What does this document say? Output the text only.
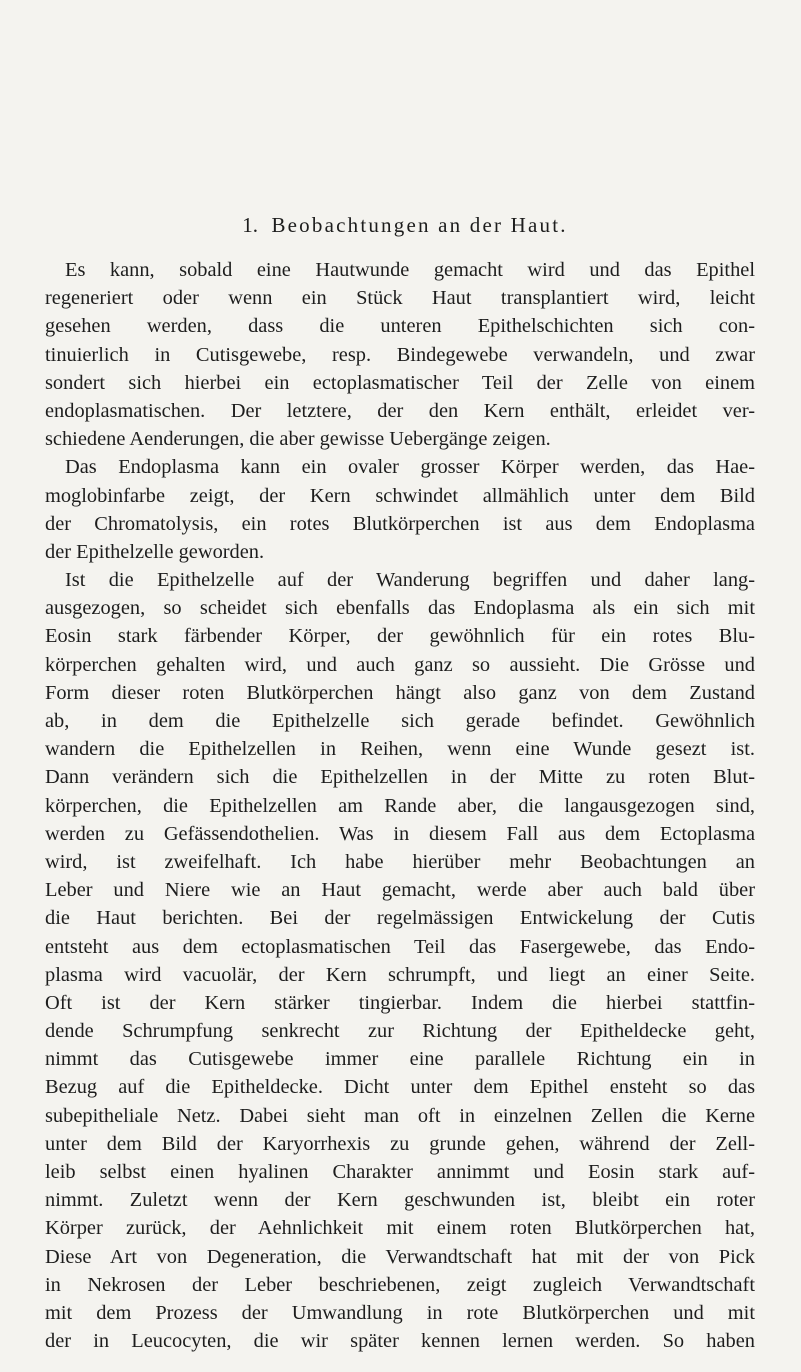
1. Beobachtungen an der Haut.
Es kann, sobald eine Hautwunde gemacht wird und das Epithel
regeneriert oder wenn ein Stück Haut transplantiert wird, leicht
gesehen werden, dass die unteren Epithelschichten sich con-
tinuierlich in Cutisgewebe, resp. Bindegewebe verwandeln, und zwar
sondert sich hierbei ein ectoplasmatischer Teil der Zelle von einem
endoplasmatischen. Der letztere, der den Kern enthält, erleidet ver-
schiedene Aenderungen, die aber gewisse Uebergänge zeigen.
Das Endoplasma kann ein ovaler grosser Körper werden, das Hae-
moglobinfarbe zeigt, der Kern schwindet allmählich unter dem Bild
der Chromatolysis, ein rotes Blutkörperchen ist aus dem Endoplasma
der Epithelzelle geworden.
Ist die Epithelzelle auf der Wanderung begriffen und daher lang-
ausgezogen, so scheidet sich ebenfalls das Endoplasma als ein sich mit
Eosin stark färbender Körper, der gewöhnlich für ein rotes Blu-
körperchen gehalten wird, und auch ganz so aussieht. Die Grösse und
Form dieser roten Blutkörperchen hängt also ganz von dem Zustand
ab, in dem die Epithelzelle sich gerade befindet. Gewöhnlich
wandern die Epithelzellen in Reihen, wenn eine Wunde gesezt ist.
Dann verändern sich die Epithelzellen in der Mitte zu roten Blut-
körperchen, die Epithelzellen am Rande aber, die langausgezogen sind,
werden zu Gefässendothelien. Was in diesem Fall aus dem Ectoplasma
wird, ist zweifelhaft. Ich habe hierüber mehr Beobachtungen an
Leber und Niere wie an Haut gemacht, werde aber auch bald über
die Haut berichten. Bei der regelmässigen Entwickelung der Cutis
entsteht aus dem ectoplasmatischen Teil das Fasergewebe, das Endo-
plasma wird vacuolär, der Kern schrumpft, und liegt an einer Seite.
Oft ist der Kern stärker tingierbar. Indem die hierbei stattfin-
dende Schrumpfung senkrecht zur Richtung der Epitheldecke geht,
nimmt das Cutisgewebe immer eine parallele Richtung ein in
Bezug auf die Epitheldecke. Dicht unter dem Epithel ensteht so das
subepitheliale Netz. Dabei sieht man oft in einzelnen Zellen die Kerne
unter dem Bild der Karyorrhexis zu grunde gehen, während der Zell-
leib selbst einen hyalinen Charakter annimmt und Eosin stark auf-
nimmt. Zuletzt wenn der Kern geschwunden ist, bleibt ein roter
Körper zurück, der Aehnlichkeit mit einem roten Blutkörperchen hat,
Diese Art von Degeneration, die Verwandtschaft hat mit der von Pick
in Nekrosen der Leber beschriebenen, zeigt zugleich Verwandtschaft
mit dem Prozess der Umwandlung in rote Blutkörperchen und mit
der in Leucocyten, die wir später kennen lernen werden. So haben
